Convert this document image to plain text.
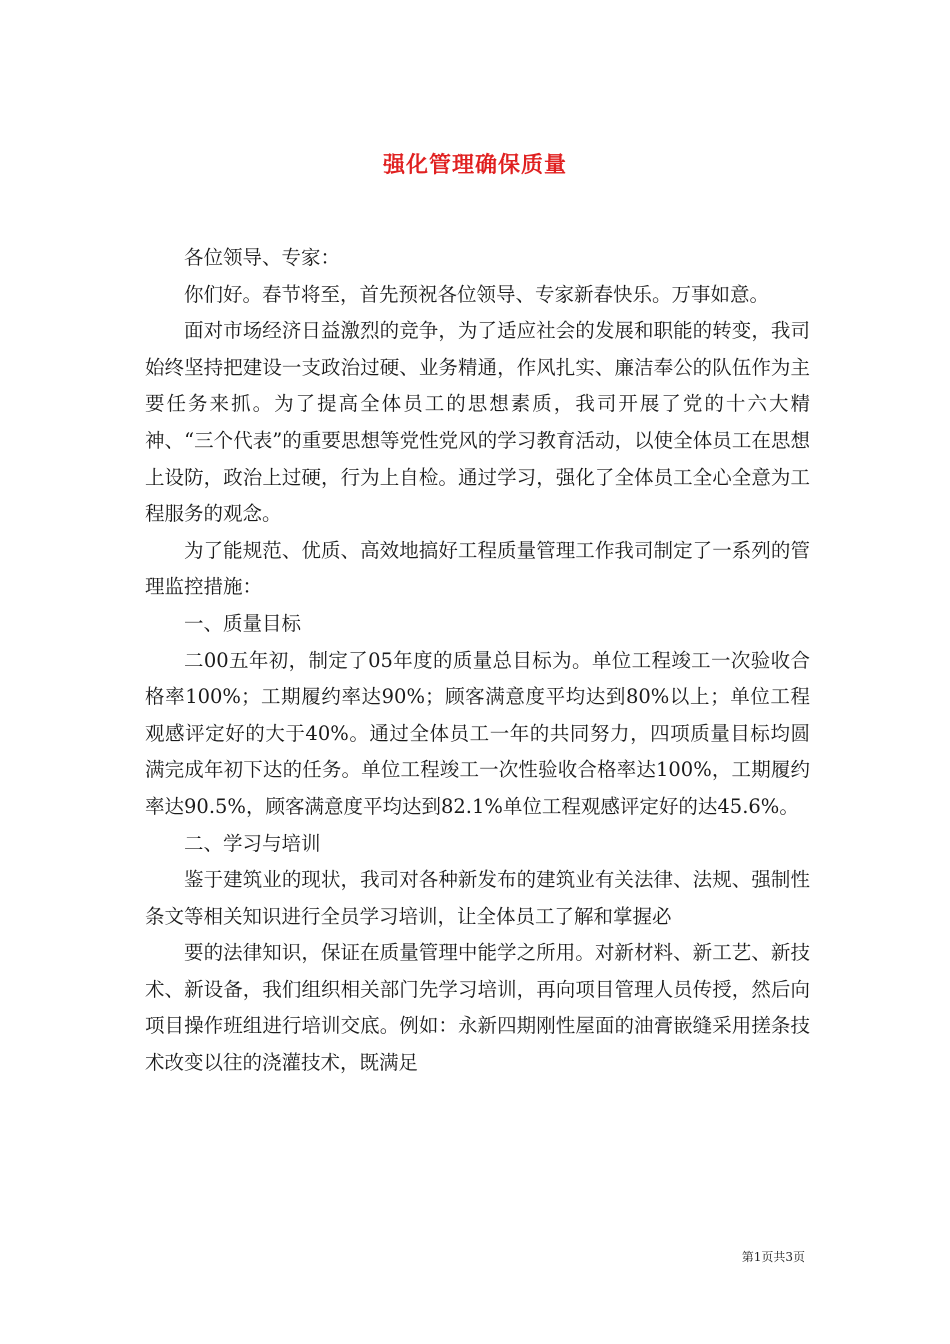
强化管理确保质量

各位领导、专家：

你们好。春节将至，首先预祝各位领导、专家新春快乐。万事如意。

面对市场经济日益激烈的竞争，为了适应社会的发展和职能的转变，我司始终坚持把建设一支政治过硬、业务精通，作风扎实、廉洁奉公的队伍作为主要任务来抓。为了提高全体员工的思想素质，我司开展了党的十六大精神、“三个代表”的重要思想等党性党风的学习教育活动，以使全体员工在思想上设防，政治上过硬，行为上自检。通过学习，强化了全体员工全心全意为工程服务的观念。

为了能规范、优质、高效地搞好工程质量管理工作我司制定了一系列的管理监控措施：

一、质量目标

二00五年初，制定了05年度的质量总目标为。单位工程竣工一次验收合格率100%；工期履约率达90%；顾客满意度平均达到80%以上；单位工程观感评定好的大于40%。通过全体员工一年的共同努力，四项质量目标均圆满完成年初下达的任务。单位工程竣工一次性验收合格率达100%，工期履约率达90.5%，顾客满意度平均达到82.1%单位工程观感评定好的达45.6%。

二、学习与培训

鉴于建筑业的现状，我司对各种新发布的建筑业有关法律、法规、强制性条文等相关知识进行全员学习培训，让全体员工了解和掌握必

要的法律知识，保证在质量管理中能学之所用。对新材料、新工艺、新技术、新设备，我们组织相关部门先学习培训，再向项目管理人员传授，然后向项目操作班组进行培训交底。例如：永新四期刚性屋面的油膏嵌缝采用搓条技术改变以往的浇灌技术，既满足

第1页共3页
